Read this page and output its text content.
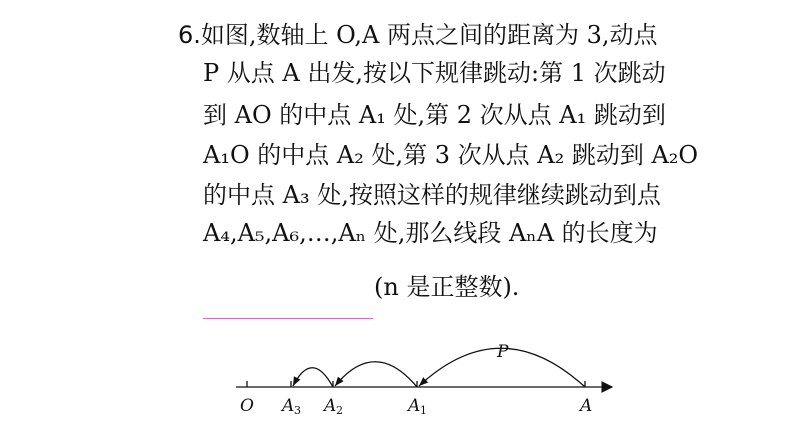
6.如图,数轴上 O,A 两点之间的距离为 3,动点
P 从点 A 出发,按以下规律跳动:第 1 次跳动
到 AO 的中点 A₁ 处,第 2 次从点 A₁ 跳动到
A₁O 的中点 A₂ 处,第 3 次从点 A₂ 跳动到 A₂O
的中点 A₃ 处,按照这样的规律继续跳动到点
A₄,A₅,A₆,…,Aₙ 处,那么线段 AₙA 的长度为
(n 是正整数).
P
O A 3 A 2	A 1	A
